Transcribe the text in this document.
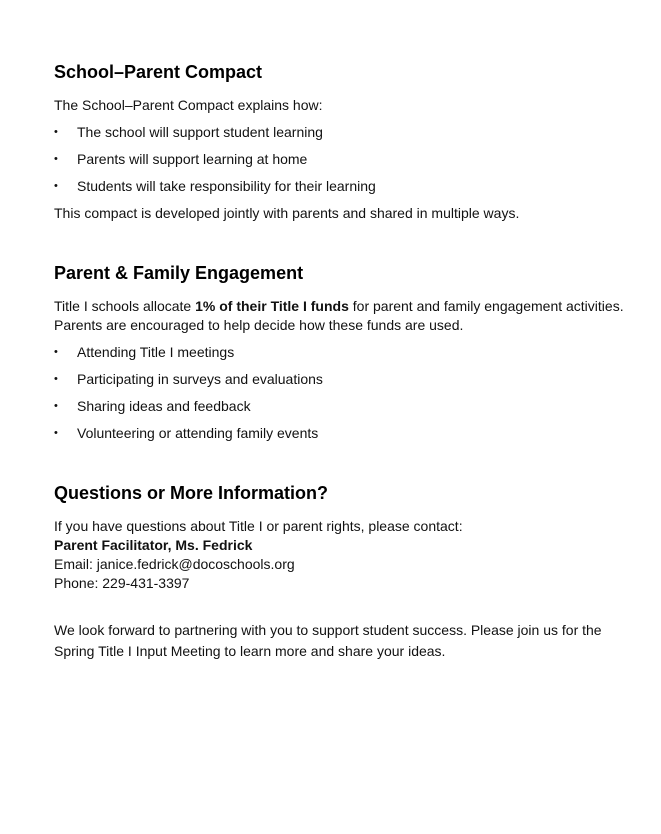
School–Parent Compact

The School–Parent Compact explains how:

• The school will support student learning
• Parents will support learning at home
• Students will take responsibility for their learning

This compact is developed jointly with parents and shared in multiple ways.

Parent & Family Engagement

Title I schools allocate 1% of their Title I funds for parent and family engagement activities.

Parents are encouraged to help decide how these funds are used.

• Attending Title I meetings
• Participating in surveys and evaluations
• Sharing ideas and feedback
• Volunteering or attending family events
Questions or More Information?

If you have questions about Title I or parent rights, please contact:

Parent Facilitator, Ms. Fedrick

Email: janice.fedrick@docoschools.org

Phone: 229-431-3397

We look forward to partnering with you to support student success. Please join us for the

Spring Title I Input Meeting to learn more and share your ideas.
